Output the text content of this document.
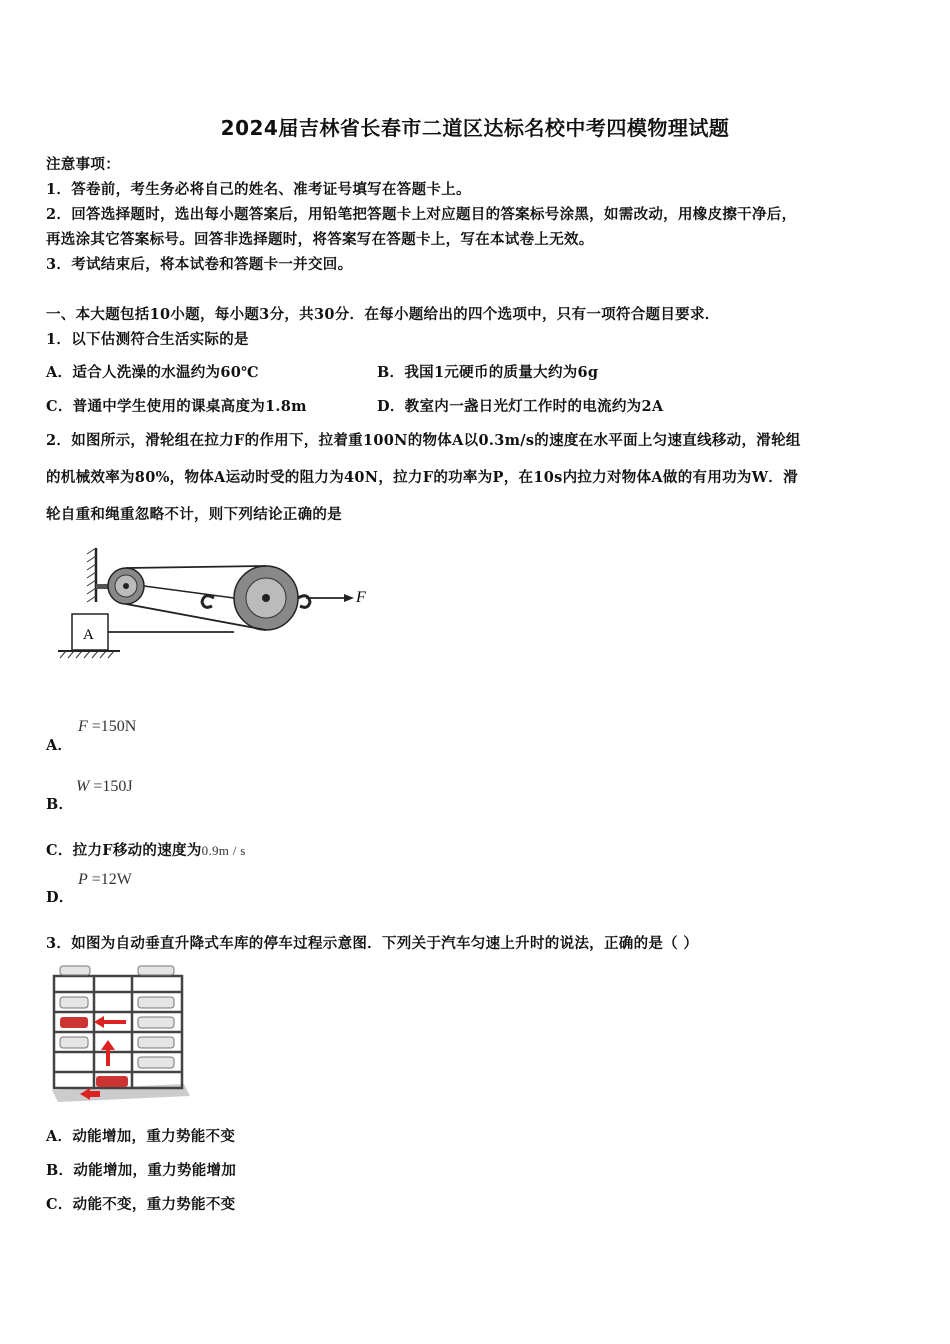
2024届吉林省长春市二道区达标名校中考四模物理试题
注意事项：
1．答卷前，考生务必将自己的姓名、准考证号填写在答题卡上。
2．回答选择题时，选出每小题答案后，用铅笔把答题卡上对应题目的答案标号涂黑，如需改动，用橡皮擦干净后，
再选涂其它答案标号。回答非选择题时，将答案写在答题卡上，写在本试卷上无效。
3．考试结束后，将本试卷和答题卡一并交回。
一、本大题包括10小题，每小题3分，共30分．在每小题给出的四个选项中，只有一项符合题目要求．
1．以下估测符合生活实际的是
A．适合人洗澡的水温约为60℃	B．我国1元硬币的质量大约为6g
C．普通中学生使用的课桌高度为1.8m	D．教室内一盏日光灯工作时的电流约为2A
2．如图所示，滑轮组在拉力F的作用下，拉着重100N的物体A以0.3m/s的速度在水平面上匀速直线移动，滑轮组
的机械效率为80%，物体A运动时受的阻力为40N，拉力F的功率为P，在10s内拉力对物体A做的有用功为W．滑
轮自重和绳重忽略不计，则下列结论正确的是
F
A
A．
F =150N
B．
W =150J
C．拉力F移动的速度为0.9m / s
D．
P =12W
3．如图为自动垂直升降式车库的停车过程示意图．下列关于汽车匀速上升时的说法，正确的是（ ）
A．动能增加，重力势能不变
B．动能增加，重力势能增加
C．动能不变，重力势能不变
